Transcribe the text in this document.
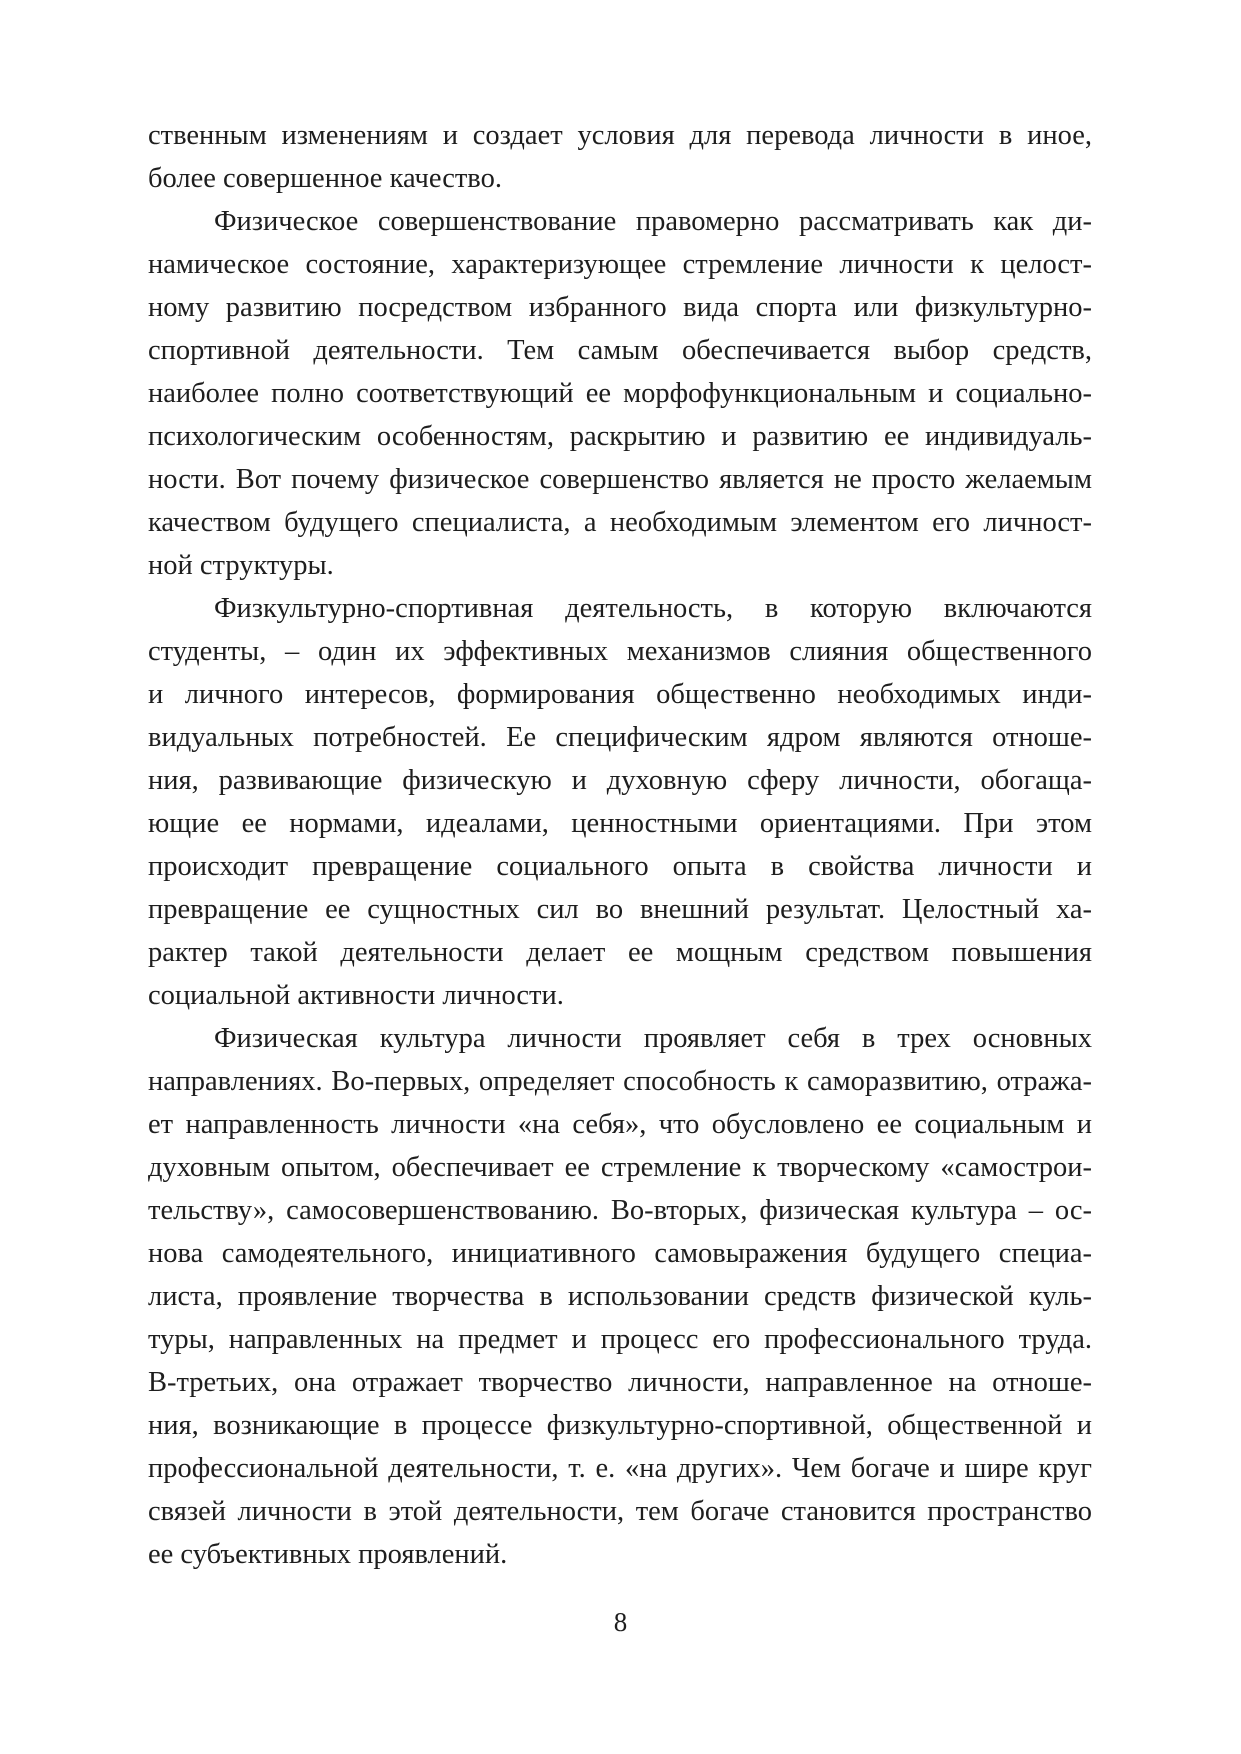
ственным изменениям и создает условия для перевода личности в иное,
более совершенное качество.
Физическое совершенствование правомерно рассматривать как ди-
намическое состояние, характеризующее стремление личности к целост-
ному развитию посредством избранного вида спорта или физкультурно-
спортивной деятельности. Тем самым обеспечивается выбор средств,
наиболее полно соответствующий ее морфофункциональным и социально-
психологическим особенностям, раскрытию и развитию ее индивидуаль-
ности. Вот почему физическое совершенство является не просто желаемым
качеством будущего специалиста, а необходимым элементом его личност-
ной структуры.
Физкультурно-спортивная деятельность, в которую включаются
студенты, – один их эффективных механизмов слияния общественного
и личного интересов, формирования общественно необходимых инди-
видуальных потребностей. Ее специфическим ядром являются отноше-
ния, развивающие физическую и духовную сферу личности, обогаща-
ющие ее нормами, идеалами, ценностными ориентациями. При этом
происходит превращение социального опыта в свойства личности и
превращение ее сущностных сил во внешний результат. Целостный ха-
рактер такой деятельности делает ее мощным средством повышения
социальной активности личности.
Физическая культура личности проявляет себя в трех основных
направлениях. Во-первых, определяет способность к саморазвитию, отража-
ет направленность личности «на себя», что обусловлено ее социальным и
духовным опытом, обеспечивает ее стремление к творческому «самострои-
тельству», самосовершенствованию. Во-вторых, физическая культура – ос-
нова самодеятельного, инициативного самовыражения будущего специа-
листа, проявление творчества в использовании средств физической куль-
туры, направленных на предмет и процесс его профессионального труда.
В-третьих, она отражает творчество личности, направленное на отноше-
ния, возникающие в процессе физкультурно-спортивной, общественной и
профессиональной деятельности, т. е. «на других». Чем богаче и шире круг
связей личности в этой деятельности, тем богаче становится пространство
ее субъективных проявлений.
8
